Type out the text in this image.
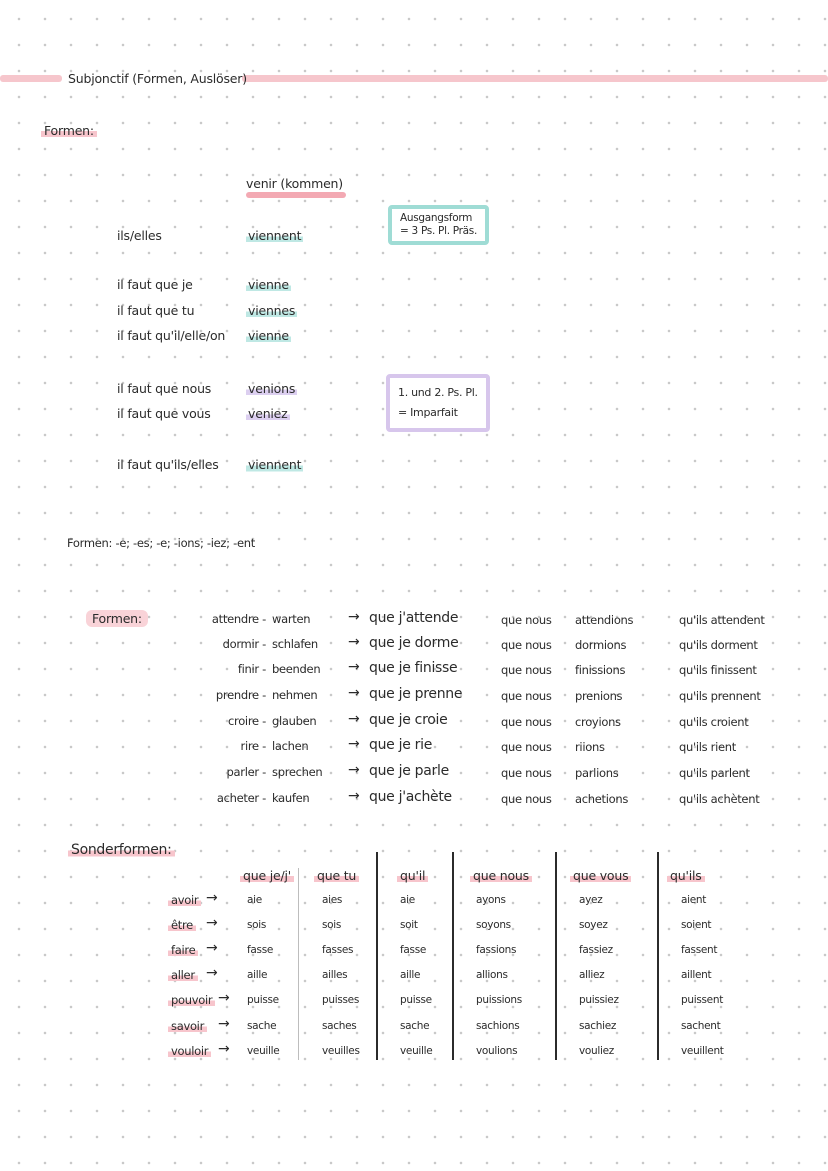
Subjonctif (Formen, Auslöser)
Formen:
venir (kommen)
ils/elles	viennent
Ausgangsform
= 3 Ps. Pl. Präs.
il faut que je	vienne
il faut que tu	viennes
il faut qu'il/elle/on vienne
il faut que nous	venions
il faut que vous	veniez
1. und 2. Ps. Pl.
= Imparfait
il faut qu'ils/elles viennent
Formen: -e; -es; -e; -ions; -iez; -ent
Formen:	attendre - warten	→ que j'attende	que nous attendions	qu'ils attendent
dormir - schlafen → que je dorme	que nous dormions	qu'ils dorment
finir - beenden → que je finisse	que nous finissions	qu'ils finissent
prendre - nehmen → que je prenne	que nous prenions	qu'ils prennent
croire - glauben → que je croie	que nous croyions	qu'ils croient
rire - lachen	→ que je rie	que nous riions	qu'ils rient
parler - sprechen → que je parle	que nous parlions	qu'ils parlent
acheter - kaufen	→ que j'achète	que nous achetions	qu'ils achètent
Sonderformen:
que je/j' que tu	qu'il	que nous	que vous	qu'ils
avoir →	aie	aies	aie	ayons	ayez	aient
être →	sois	sois	soit	soyons	soyez	soient
faire →	fasse	fasses	fasse	fassions	fassiez	fassent
aller →	aille	ailles	aille	allions	alliez	aillent
pouvoir → puisse	puisses	puisse	puissions	puissiez	puissent
savoir → sache	saches	sache	sachions	sachiez	sachent
vouloir → veuille	veuilles	veuille	voulions	vouliez	veuillent
